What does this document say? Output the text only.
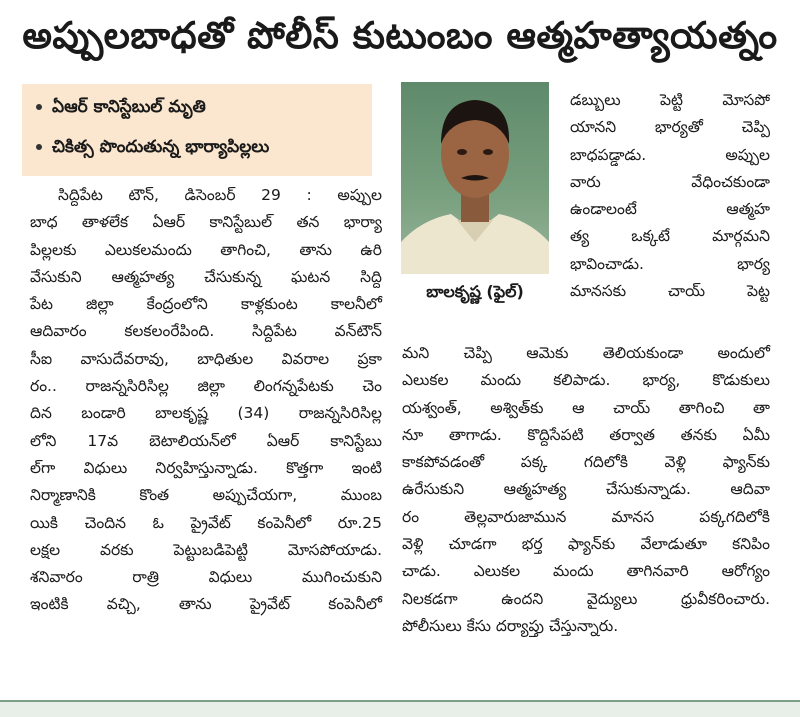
అప్పులబాధతో పోలీస్ కుటుంబం ఆత్మహత్యాయత్నం
ఏఆర్ కానిస్టేబుల్ మృతి
చికిత్స పొందుతున్న భార్యాపిల్లలు
సిద్దిపేట టౌన్, డిసెంబర్ 29 : అప్పుల
బాధ తాళలేక ఏఆర్ కానిస్టేబుల్ తన భార్యా
పిల్లలకు ఎలుకలమందు తాగించి, తాను ఉరి
వేసుకుని ఆత్మహత్య చేసుకున్న ఘటన సిద్ది
పేట జిల్లా కేంద్రంలోని కాళ్లకుంట కాలనీలో
ఆదివారం కలకలంరేపింది. సిద్దిపేట వన్‌టౌన్
సీఐ వాసుదేవరావు, బాధితుల వివరాల ప్రకా
రం.. రాజన్నసిరిసిల్ల జిల్లా లింగన్నపేటకు చెం
దిన బండారి బాలకృష్ణ (34) రాజన్నసిరిసిల్ల
లోని 17వ బెటాలియన్‌లో ఏఆర్ కానిస్టేబు
ల్‌గా విధులు నిర్వహిస్తున్నాడు. కొత్తగా ఇంటి
నిర్మాణానికి కొంత అప్పుచేయగా, ముంబ
యికి చెందిన ఓ ప్రైవేట్ కంపెనీలో రూ.25
లక్షల వరకు పెట్టుబడిపెట్టి మోసపోయాడు.
శనివారం రాత్రి విధులు ముగించుకుని
ఇంటికి వచ్చి, తాను ప్రైవేట్ కంపెనీలో
బాలకృష్ణ (ఫైల్)
డబ్బులు పెట్టి మోసపో
యానని భార్యతో చెప్పి
బాధపడ్డాడు. అప్పుల
వారు వేధించకుండా
ఉండాలంటే ఆత్మహ
త్య ఒక్కటే మార్గమని
భావించాడు. భార్య
మానసకు చాయ్ పెట్ట
మని చెప్పి ఆమెకు తెలియకుండా అందులో
ఎలుకల మందు కలిపాడు. భార్య, కొడుకులు
యశ్వంత్, అశ్విత్‌కు ఆ చాయ్ తాగించి తా
నూ తాగాడు. కొద్దిసేపటి తర్వాత తనకు ఏమీ
కాకపోవడంతో పక్క గదిలోకి వెళ్లి ఫ్యాన్‌కు
ఉరేసుకుని ఆత్మహత్య చేసుకున్నాడు. ఆదివా
రం తెల్లవారుజామున మానస పక్కగదిలోకి
వెళ్లి చూడగా భర్త ఫ్యాన్‌కు వేలాడుతూ కనిపిం
చాడు. ఎలుకల మందు తాగినవారి ఆరోగ్యం
నిలకడగా ఉందని వైద్యులు ధ్రువీకరించారు.
పోలీసులు కేసు దర్యాప్తు చేస్తున్నారు.
